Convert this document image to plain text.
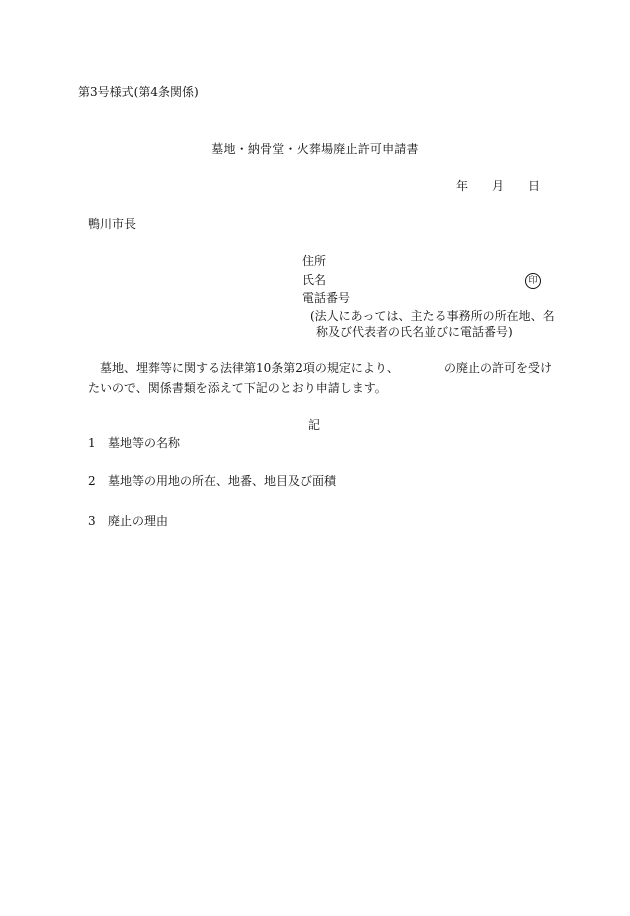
第3号様式(第4条関係)
墓地・納骨堂・火葬場廃止許可申請書
年 月 日
鴨川市長
住所
氏名	印
電話番号
(法人にあっては、主たる事務所の所在地、名
称及び代表者の氏名並びに電話番号)
墓地、埋葬等に関する法律第10条第2項の規定により、	の廃止の許可を受け
たいので、関係書類を添えて下記のとおり申請します。
記
1 墓地等の名称
2 墓地等の用地の所在、地番、地目及び面積
3 廃止の理由
